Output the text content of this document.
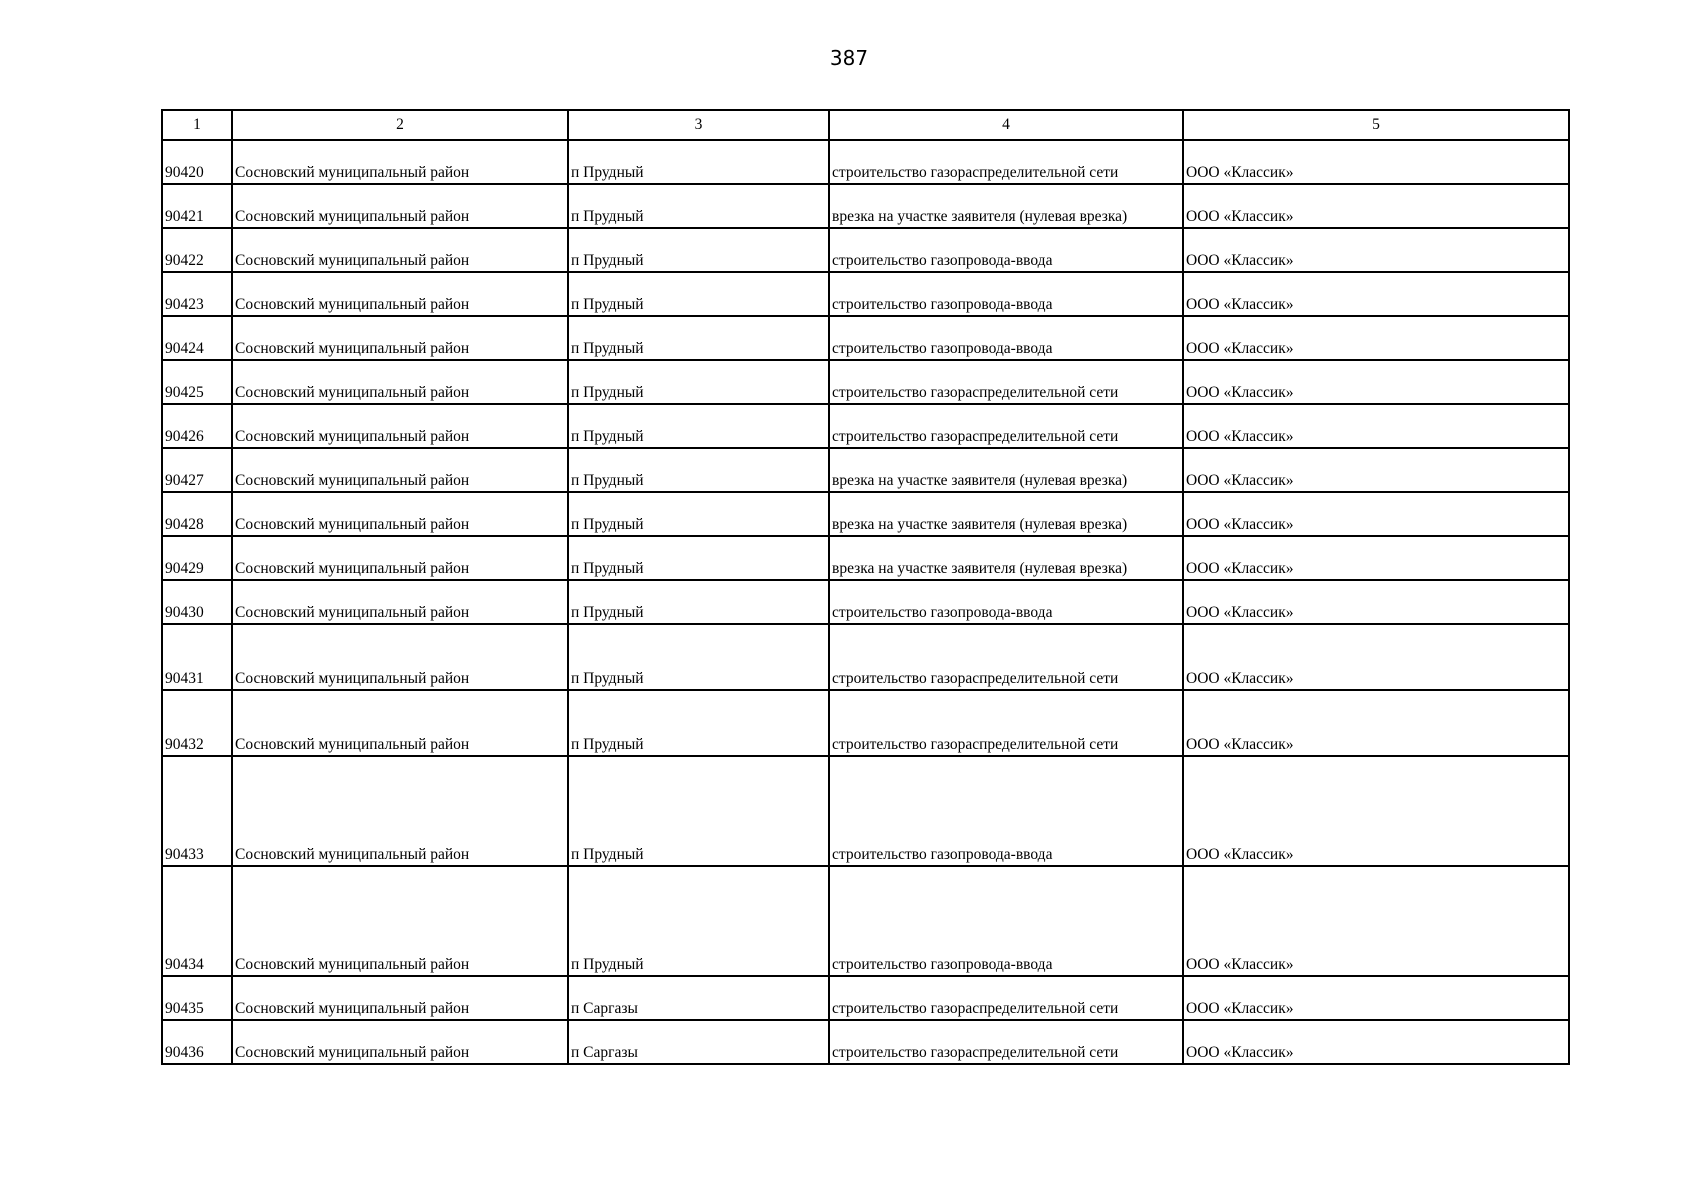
387
1	2	3	4	5
90420	Сосновский муниципальный район	п Прудный	строительство газораспределительной сети	ООО «Классик»
90421	Сосновский муниципальный район	п Прудный	врезка на участке заявителя (нулевая врезка)	ООО «Классик»
90422	Сосновский муниципальный район	п Прудный	строительство газопровода-ввода	ООО «Классик»
90423	Сосновский муниципальный район	п Прудный	строительство газопровода-ввода	ООО «Классик»
90424	Сосновский муниципальный район	п Прудный	строительство газопровода-ввода	ООО «Классик»
90425	Сосновский муниципальный район	п Прудный	строительство газораспределительной сети	ООО «Классик»
90426	Сосновский муниципальный район	п Прудный	строительство газораспределительной сети	ООО «Классик»
90427	Сосновский муниципальный район	п Прудный	врезка на участке заявителя (нулевая врезка)	ООО «Классик»
90428	Сосновский муниципальный район	п Прудный	врезка на участке заявителя (нулевая врезка)	ООО «Классик»
90429	Сосновский муниципальный район	п Прудный	врезка на участке заявителя (нулевая врезка)	ООО «Классик»
90430	Сосновский муниципальный район	п Прудный	строительство газопровода-ввода	ООО «Классик»
90431	Сосновский муниципальный район	п Прудный	строительство газораспределительной сети	ООО «Классик»
90432	Сосновский муниципальный район	п Прудный	строительство газораспределительной сети	ООО «Классик»
90433	Сосновский муниципальный район	п Прудный	строительство газопровода-ввода	ООО «Классик»
90434	Сосновский муниципальный район	п Прудный	строительство газопровода-ввода	ООО «Классик»
90435	Сосновский муниципальный район	п Саргазы	строительство газораспределительной сети	ООО «Классик»
90436	Сосновский муниципальный район	п Саргазы	строительство газораспределительной сети	ООО «Классик»
